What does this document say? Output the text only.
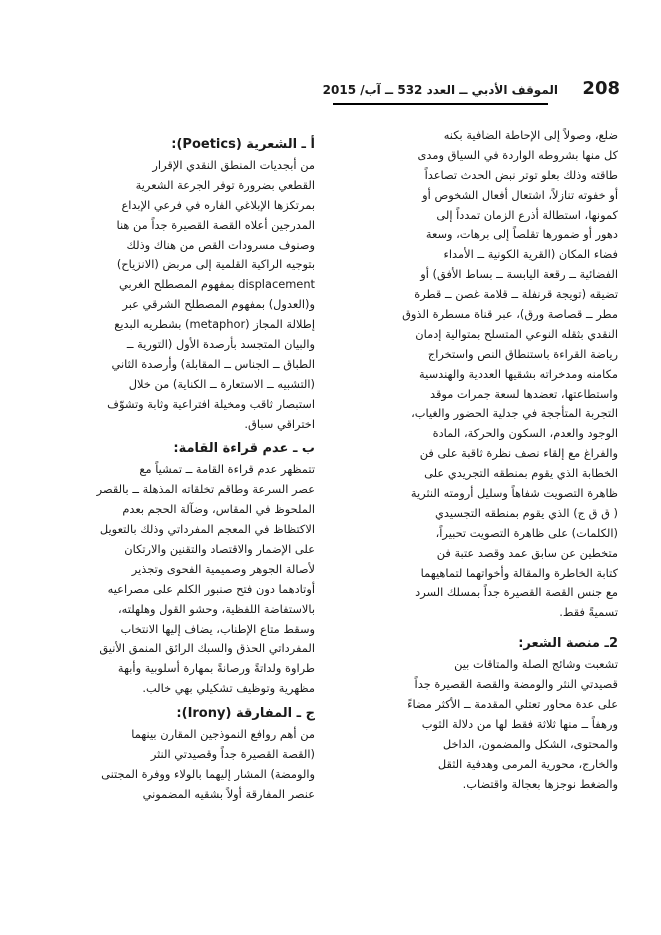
208
الموقف الأدبي ــ العدد 532 ــ آب/ 2015
ضلع، وصولاً إلى الإحاطة الضافية بكنه
كل منها بشروطه الواردة في السياق ومدى
طاقته وذلك بعلو توتر نبض الحدث تصاعداً
أو خفوته تنازلاً، اشتعال أفعال الشخوص أو
كمونها، استطالة أذرع الزمان تمدداً إلى
دهور أو ضمورها تقلصاً إلى برهات، وسعة
فضاء المكان (القرية الكونية ــ الأمداء
الفضائية ــ رقعة اليابسة ــ بساط الأفق) أو
تضيقه (تويجة قرنفلة ــ قلامة غصن ــ قطرة
مطر ــ قصاصة ورق)، عبر قناة مسطرة الذوق
النقدي بثقله النوعي المتسلح بمتوالية إدمان
رياضة القراءة باستنطاق النص واستخراج
مكامنه ومدخراته بشقيها العددية والهندسية
واستطاعتها، تعضدها لسعة جمرات موقد
التجربة المتأججة في جدلية الحضور والغياب،
الوجود والعدم، السكون والحركة، المادة
والفراغ مع إلقاء نصف نظرة ثاقبة على فن
الخطابة الذي يقوم بمنطقه التجريدي على
ظاهرة التصويت شفاهاً وسليل أرومته النثرية
( ق ق ج) الذي يقوم بمنطقه التجسيدي
(الكلمات) على ظاهرة التصويت تحبيراً،
متخطين عن سابق عمد وقصد عتبة فن
كتابة الخاطرة والمقالة وأخواتهما لتماهيهما
مع جنس القصة القصيرة جداً بمسلك السرد
تسميةً فقط.
2ـ منصة الشعر:
تشعبت وشائج الصلة والمتاقات بين
قصيدتي النثر والومضة والقصة القصيرة جداً
على عدة محاور تعتلي المقدمة ــ الأكثر مضاءً
ورهفاً ــ منها ثلاثة فقط لها من دلالة الثوب
والمحتوى، الشكل والمضمون، الداخل
والخارج، محورية المرمى وهدفية الثقل
والضغط نوجزها بعجالة واقتضاب.
أ ـ الشعرية (Poetics):
من أبجديات المنطق النقدي الإقرار
القطعي بضرورة توفر الجرعة الشعرية
بمرتكزها الإبلاغي الفاره في فرعي الإبداع
المدرجين أعلاه القصة القصيرة جداً من هنا
وصنوف مسرودات القص من هناك وذلك
بتوجيه الراكية القلمية إلى مربض (الانزياح)
displacement بمفهوم المصطلح الغربي
و(العدول) بمفهوم المصطلح الشرقي عبر
إطلالة المجاز (metaphor) بشطريه البديع
والبيان المتجسد بأرصدة الأول (التورية ــ
الطباق ــ الجناس ــ المقابلة) وأرصدة الثاني
(التشبيه ــ الاستعارة ــ الكناية) من خلال
استبصار ثاقب ومخيلة افتراعية وثابة وتشوّف
اختراقي سباق.
ب ـ عدم قراءة القامة:
تتمظهر عدم قراءة القامة ــ تمشياً مع
عصر السرعة وطاقم تخلقاته المذهلة ــ بالقصر
الملحوظ في المقاس، وضآلة الحجم بعدم
الاكتظاظ في المعجم المفرداتي وذلك بالتعويل
على الإضمار والاقتصاد والتقنين والارتكان
لأصالة الجوهر وصميمية الفحوى وتجذير
أوتادهما دون فتح صنبور الكلم على مصراعيه
بالاستفاضة اللفظية، وحشو القول وهلهلته،
وسقط متاع الإطناب، يضاف إليها الانتخاب
المفرداتي الحذق والسبك الرائق المنمق الأنيق
طراوة ولداتةً ورصانةً بمهارة أسلوبية وأبهة
مظهرية وتوظيف تشكيلي بهي خالب.
ج ـ المفارقة (Irony):
من أهم روافع النموذجين المقارن بينهما
(القصة القصيرة جداً وقصيدتي النثر
والومضة) المشار إليهما بالولاء ووفرة المجتنى
عنصر المفارقة أولاً بشقيه المضموني
